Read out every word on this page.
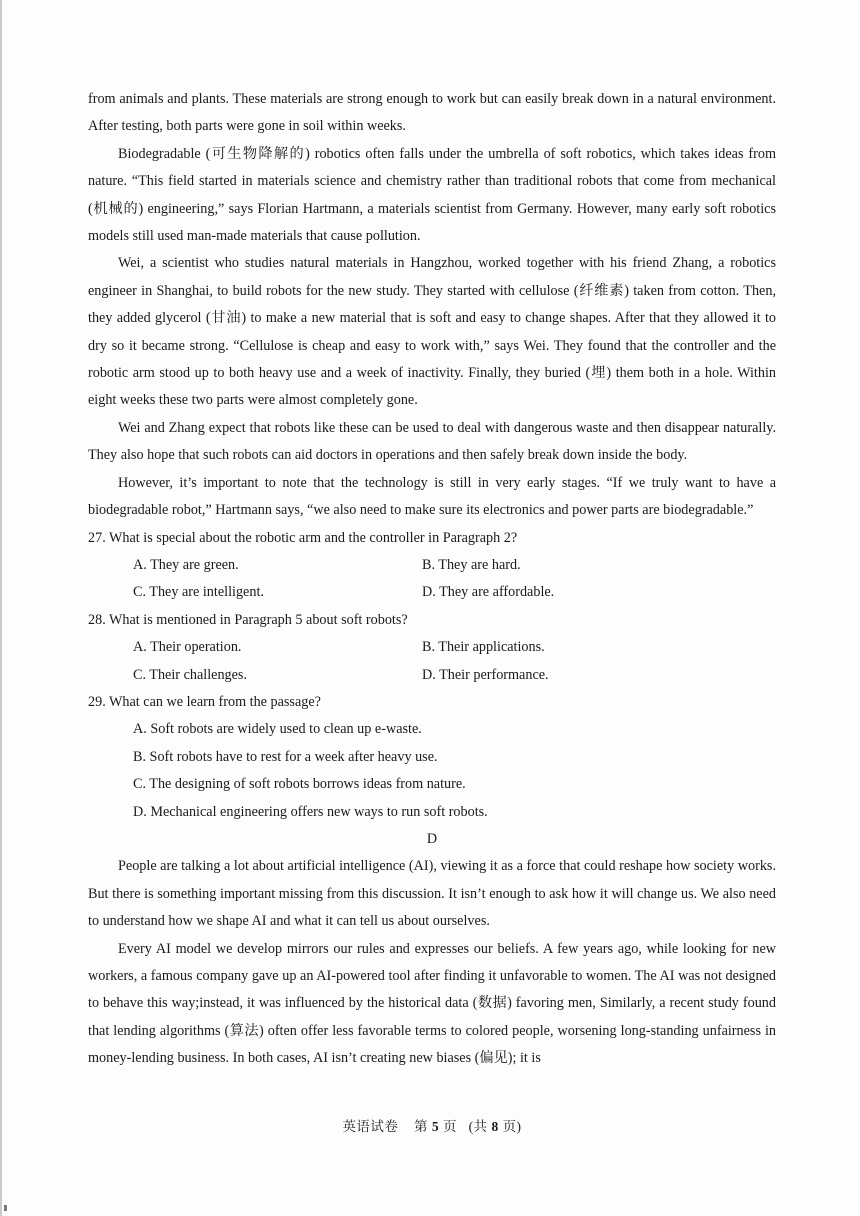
from animals and plants. These materials are strong enough to work but can easily break down in a natural environment. After testing, both parts were gone in soil within weeks.

Biodegradable (可生物降解的) robotics often falls under the umbrella of soft robotics, which takes ideas from nature. “This field started in materials science and chemistry rather than traditional robots that come from mechanical (机械的) engineering,” says Florian Hartmann, a materials scientist from Germany. However, many early soft robotics models still used man-made materials that cause pollution.

Wei, a scientist who studies natural materials in Hangzhou, worked together with his friend Zhang, a robotics engineer in Shanghai, to build robots for the new study. They started with cellulose (纤维素) taken from cotton. Then, they added glycerol (甘油) to make a new material that is soft and easy to change shapes. After that they allowed it to dry so it became strong. “Cellulose is cheap and easy to work with,” says Wei. They found that the controller and the robotic arm stood up to both heavy use and a week of inactivity. Finally, they buried (埋) them both in a hole. Within eight weeks these two parts were almost completely gone.

Wei and Zhang expect that robots like these can be used to deal with dangerous waste and then disappear naturally. They also hope that such robots can aid doctors in operations and then safely break down inside the body.

However, it’s important to note that the technology is still in very early stages. “If we truly want to have a biodegradable robot,” Hartmann says, “we also need to make sure its electronics and power parts are biodegradable.”

27. What is special about the robotic arm and the controller in Paragraph 2?

A. They are green.	B. They are hard.
C. They are intelligent.	D. They are affordable.

28. What is mentioned in Paragraph 5 about soft robots?

A. Their operation.	B. Their applications.
C. Their challenges.	D. Their performance.

29. What can we learn from the passage?

A. Soft robots are widely used to clean up e-waste.

B. Soft robots have to rest for a week after heavy use.

C. The designing of soft robots borrows ideas from nature.

D. Mechanical engineering offers new ways to run soft robots.

D

People are talking a lot about artificial intelligence (AI), viewing it as a force that could reshape how society works. But there is something important missing from this discussion. It isn’t enough to ask how it will change us. We also need to understand how we shape AI and what it can tell us about ourselves.

Every AI model we develop mirrors our rules and expresses our beliefs. A few years ago, while looking for new workers, a famous company gave up an AI-powered tool after finding it unfavorable to women. The AI was not designed to behave this way;instead, it was influenced by the historical data (数据) favoring men, Similarly, a recent study found that lending algorithms (算法) often offer less favorable terms to colored people, worsening long-standing unfairness in money-lending business. In both cases, AI isn’t creating new biases (偏见); it is

英语试卷 第 5 页 (共 8 页)
